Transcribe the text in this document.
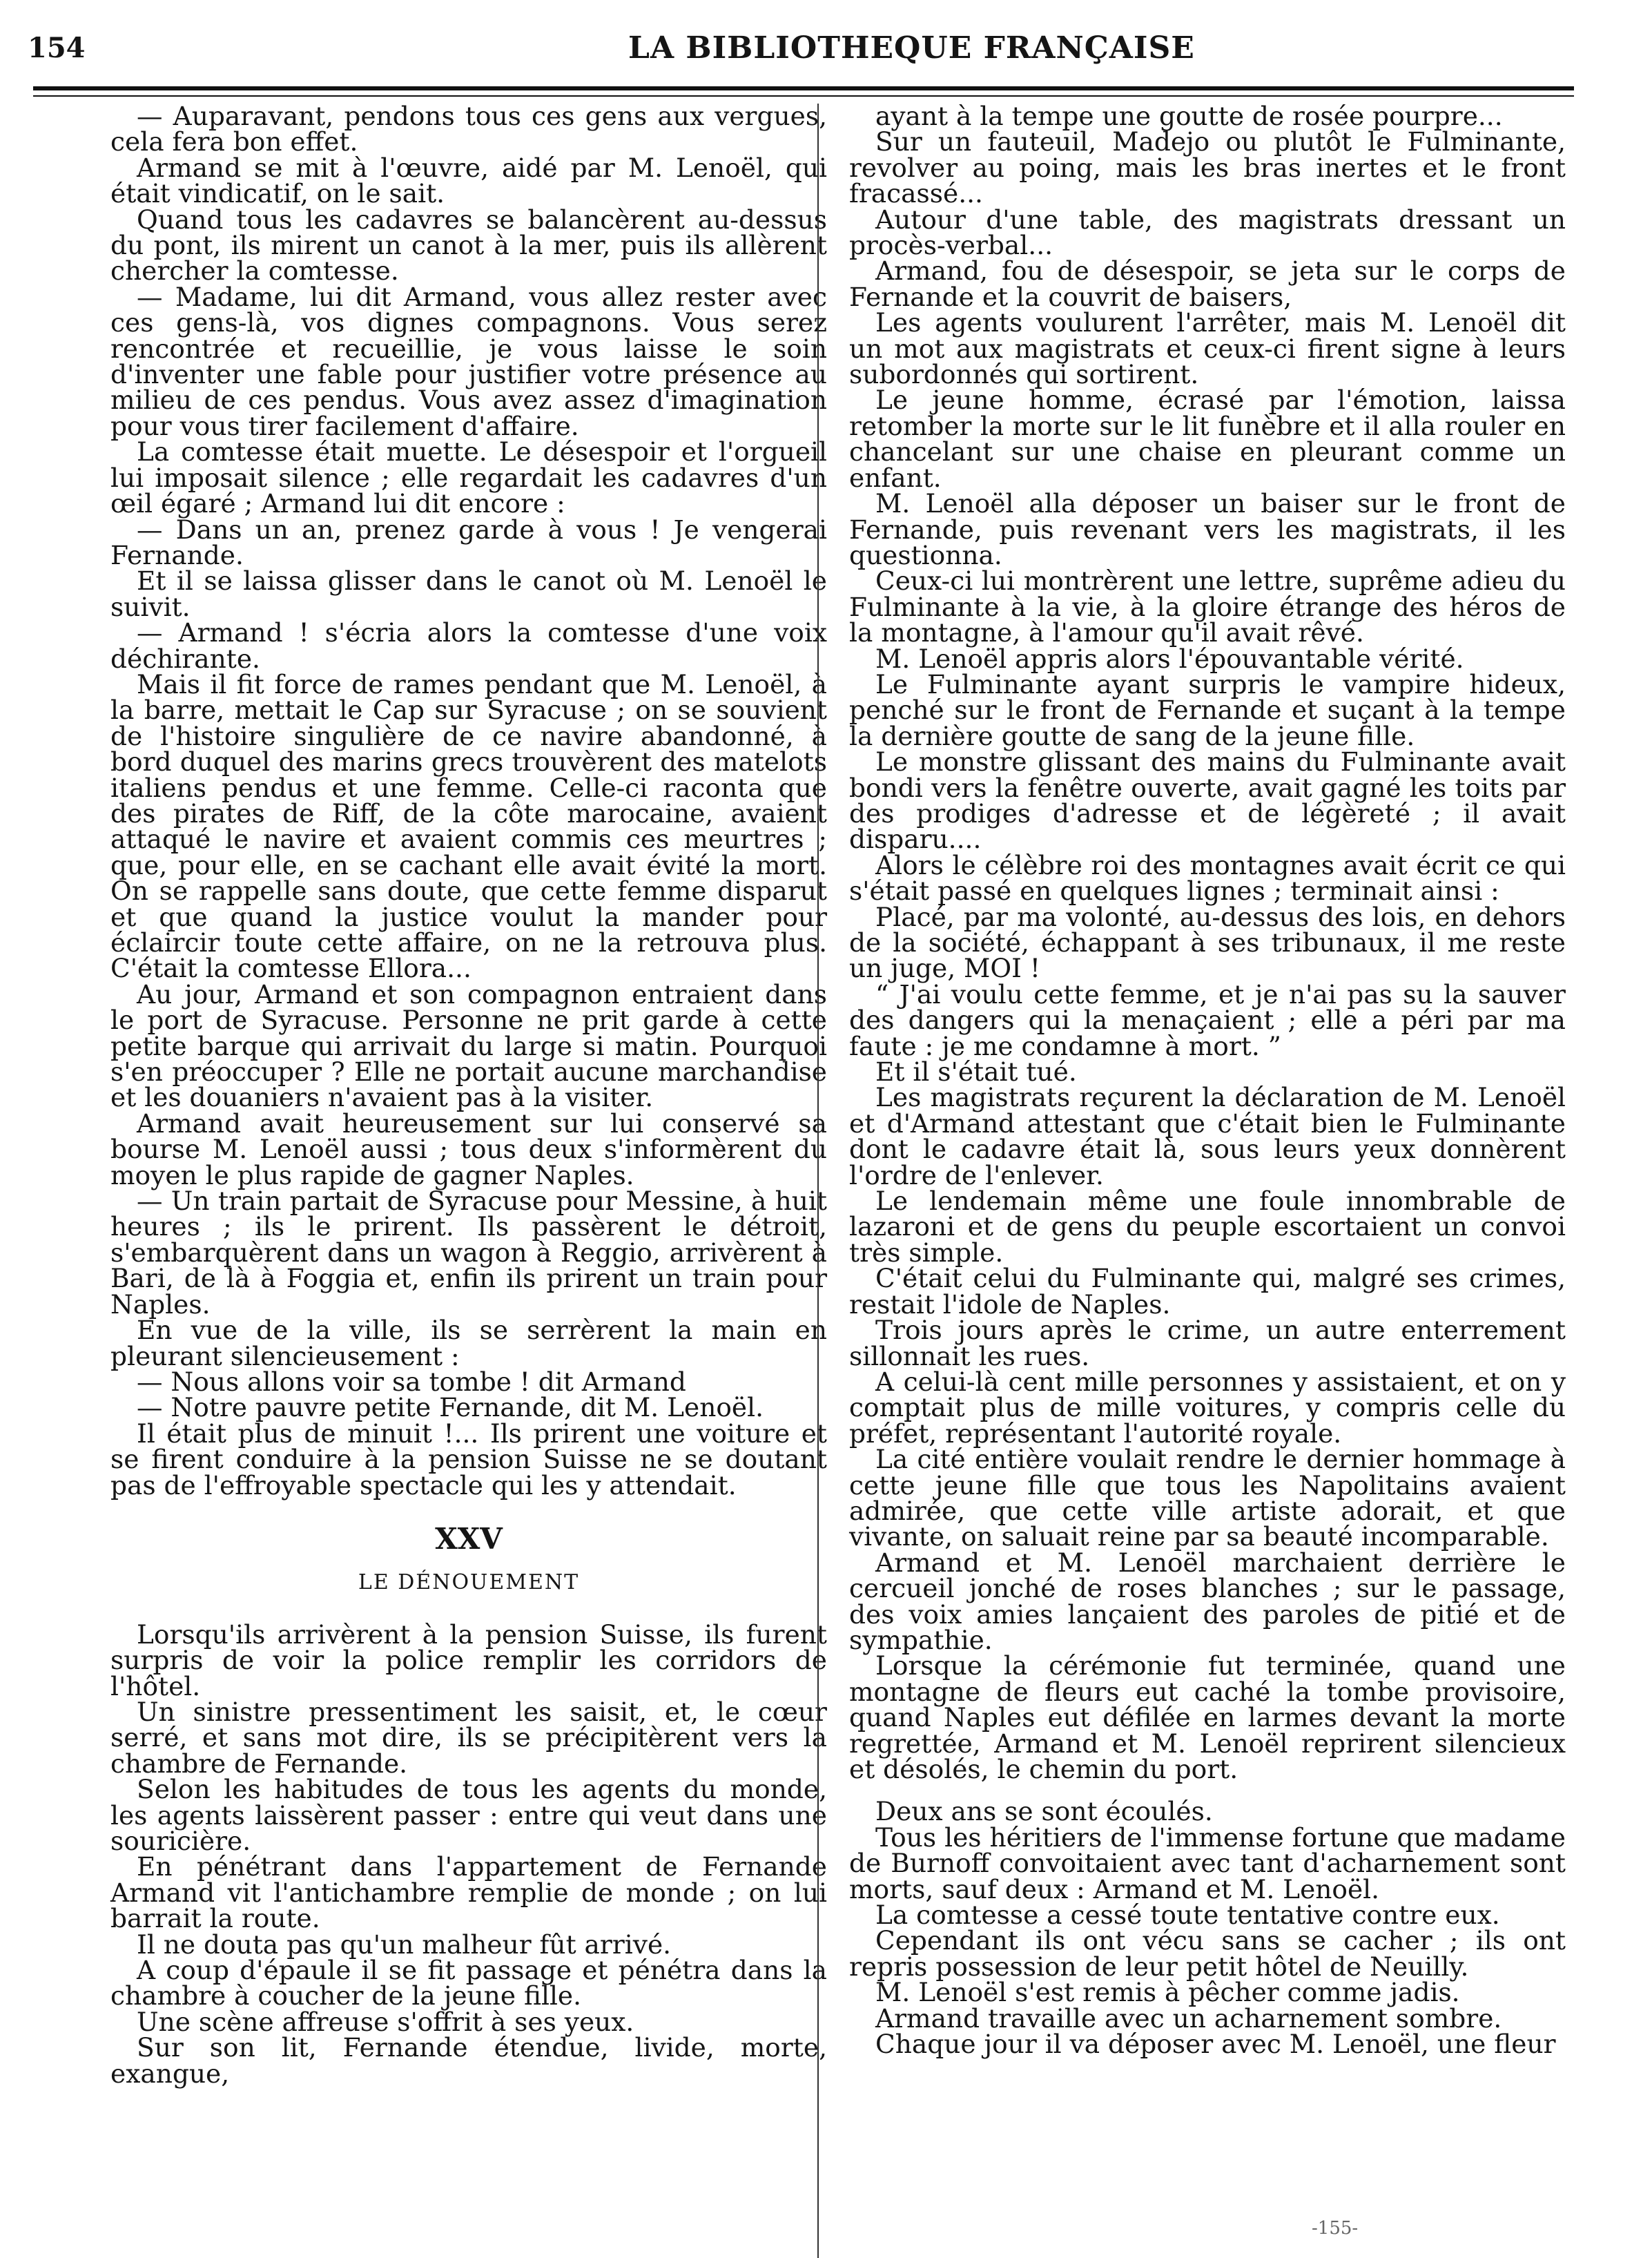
154	LA BIBLIOTHEQUE FRANÇAISE

— Auparavant, pendons tous ces gens aux vergues, cela fera bon effet.

Armand se mit à l'œuvre, aidé par M. Lenoël, qui était vindicatif, on le sait.

Quand tous les cadavres se balancèrent au-dessus du pont, ils mirent un canot à la mer, puis ils allèrent chercher la comtesse.

— Madame, lui dit Armand, vous allez rester avec ces gens-là, vos dignes compagnons. Vous serez rencontrée et recueillie, je vous laisse le soin d'inventer une fable pour justifier votre présence au milieu de ces pendus. Vous avez assez d'imagination pour vous tirer facilement d'affaire.

La comtesse était muette. Le désespoir et l'orgueil lui imposait silence ; elle regardait les cadavres d'un œil égaré ; Armand lui dit encore :

— Dans un an, prenez garde à vous ! Je vengerai Fernande.

Et il se laissa glisser dans le canot où M. Lenoël le suivit.

— Armand ! s'écria alors la comtesse d'une voix déchirante.

Mais il fit force de rames pendant que M. Lenoël, à la barre, mettait le Cap sur Syracuse ; on se souvient de l'histoire singulière de ce navire abandonné, à bord duquel des marins grecs trouvèrent des matelots italiens pendus et une femme. Celle-ci raconta que des pirates de Riff, de la côte marocaine, avaient attaqué le navire et avaient commis ces meurtres ; que, pour elle, en se cachant elle avait évité la mort. On se rappelle sans doute, que cette femme disparut et que quand la justice voulut la mander pour éclaircir toute cette affaire, on ne la retrouva plus. C'était la comtesse Ellora...

Au jour, Armand et son compagnon entraient dans le port de Syracuse. Personne ne prit garde à cette petite barque qui arrivait du large si matin. Pourquoi s'en préoccuper ? Elle ne portait aucune marchandise et les douaniers n'avaient pas à la visiter.

Armand avait heureusement sur lui conservé sa bourse M. Lenoël aussi ; tous deux s'informèrent du moyen le plus rapide de gagner Naples.

— Un train partait de Syracuse pour Messine, à huit heures ; ils le prirent. Ils passèrent le détroit, s'embarquèrent dans un wagon à Reggio, arrivèrent à Bari, de là à Foggia et, enfin ils prirent un train pour Naples.

En vue de la ville, ils se serrèrent la main en pleurant silencieusement :

— Nous allons voir sa tombe ! dit Armand

— Notre pauvre petite Fernande, dit M. Lenoël.

Il était plus de minuit !... Ils prirent une voiture et se firent conduire à la pension Suisse ne se doutant pas de l'effroyable spectacle qui les y attendait.

XXV

LE DÉNOUEMENT

Lorsqu'ils arrivèrent à la pension Suisse, ils furent surpris de voir la police remplir les corridors de l'hôtel.

Un sinistre pressentiment les saisit, et, le cœur serré, et sans mot dire, ils se précipitèrent vers la chambre de Fernande.

Selon les habitudes de tous les agents du monde, les agents laissèrent passer : entre qui veut dans une souricière.

En pénétrant dans l'appartement de Fernande Armand vit l'antichambre remplie de monde ; on lui barrait la route.

Il ne douta pas qu'un malheur fût arrivé.

A coup d'épaule il se fit passage et pénétra dans la chambre à coucher de la jeune fille.

Une scène affreuse s'offrit à ses yeux.

Sur son lit, Fernande étendue, livide, morte, exangue,

ayant à la tempe une goutte de rosée pourpre...

Sur un fauteuil, Madejo ou plutôt le Fulminante, revolver au poing, mais les bras inertes et le front fracassé...

Autour d'une table, des magistrats dressant un procès-verbal...

Armand, fou de désespoir, se jeta sur le corps de Fernande et la couvrit de baisers,

Les agents voulurent l'arrêter, mais M. Lenoël dit un mot aux magistrats et ceux-ci firent signe à leurs subordonnés qui sortirent.

Le jeune homme, écrasé par l'émotion, laissa retomber la morte sur le lit funèbre et il alla rouler en chancelant sur une chaise en pleurant comme un enfant.

M. Lenoël alla déposer un baiser sur le front de Fernande, puis revenant vers les magistrats, il les questionna.

Ceux-ci lui montrèrent une lettre, suprême adieu du Fulminante à la vie, à la gloire étrange des héros de la montagne, à l'amour qu'il avait rêvé.

M. Lenoël appris alors l'épouvantable vérité.

Le Fulminante ayant surpris le vampire hideux, penché sur le front de Fernande et suçant à la tempe la dernière goutte de sang de la jeune fille.

Le monstre glissant des mains du Fulminante avait bondi vers la fenêtre ouverte, avait gagné les toits par des prodiges d'adresse et de légèreté ; il avait disparu....

Alors le célèbre roi des montagnes avait écrit ce qui s'était passé en quelques lignes ; terminait ainsi :

Placé, par ma volonté, au-dessus des lois, en dehors de la société, échappant à ses tribunaux, il me reste un juge, MOI !

“ J'ai voulu cette femme, et je n'ai pas su la sauver des dangers qui la menaçaient ; elle a péri par ma faute : je me condamne à mort. ”

Et il s'était tué.

Les magistrats reçurent la déclaration de M. Lenoël et d'Armand attestant que c'était bien le Fulminante dont le cadavre était là, sous leurs yeux donnèrent l'ordre de l'enlever.

Le lendemain même une foule innombrable de lazaroni et de gens du peuple escortaient un convoi très simple.

C'était celui du Fulminante qui, malgré ses crimes, restait l'idole de Naples.

Trois jours après le crime, un autre enterrement sillonnait les rues.

A celui-là cent mille personnes y assistaient, et on y comptait plus de mille voitures, y compris celle du préfet, représentant l'autorité royale.

La cité entière voulait rendre le dernier hommage à cette jeune fille que tous les Napolitains avaient admirée, que cette ville artiste adorait, et que vivante, on saluait reine par sa beauté incomparable.

Armand et M. Lenoël marchaient derrière le cercueil jonché de roses blanches ; sur le passage, des voix amies lançaient des paroles de pitié et de sympathie.

Lorsque la cérémonie fut terminée, quand une montagne de fleurs eut caché la tombe provisoire, quand Naples eut défilée en larmes devant la morte regrettée, Armand et M. Lenoël reprirent silencieux et désolés, le chemin du port.

Deux ans se sont écoulés.

Tous les héritiers de l'immense fortune que madame de Burnoff convoitaient avec tant d'acharnement sont morts, sauf deux : Armand et M. Lenoël.

La comtesse a cessé toute tentative contre eux.

Cependant ils ont vécu sans se cacher ; ils ont repris possession de leur petit hôtel de Neuilly.

M. Lenoël s'est remis à pêcher comme jadis.

Armand travaille avec un acharnement sombre.

Chaque jour il va déposer avec M. Lenoël, une fleur

-155-
